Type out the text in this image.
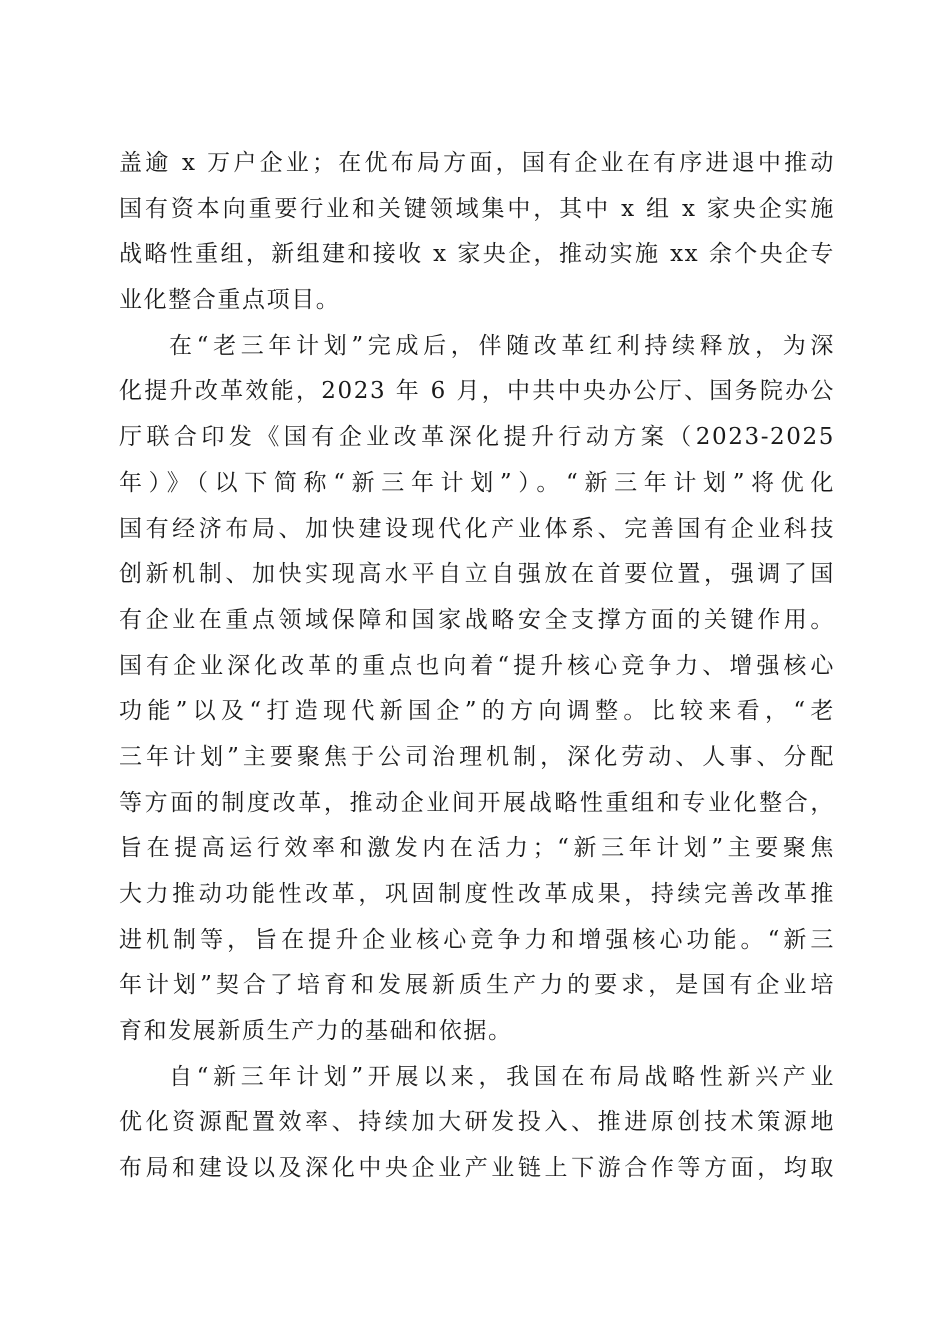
盖逾 x 万户企业；在优布局方面，国有企业在有序进退中推动
国有资本向重要行业和关键领域集中，其中 x 组 x 家央企实施
战略性重组，新组建和接收 x 家央企，推动实施 xx 余个央企专
业化整合重点项目。
在“老三年计划”完成后，伴随改革红利持续释放，为深
化提升改革效能，2023 年 6 月，中共中央办公厅、国务院办公
厅联合印发《国有企业改革深化提升行动方案（2023-2025
年）》（以下简称“新三年计划”）。“新三年计划”将优化
国有经济布局、加快建设现代化产业体系、完善国有企业科技
创新机制、加快实现高水平自立自强放在首要位置，强调了国
有企业在重点领域保障和国家战略安全支撑方面的关键作用。
国有企业深化改革的重点也向着“提升核心竞争力、增强核心
功能”以及“打造现代新国企”的方向调整。比较来看，“老
三年计划”主要聚焦于公司治理机制，深化劳动、人事、分配
等方面的制度改革，推动企业间开展战略性重组和专业化整合，
旨在提高运行效率和激发内在活力；“新三年计划”主要聚焦
大力推动功能性改革，巩固制度性改革成果，持续完善改革推
进机制等，旨在提升企业核心竞争力和增强核心功能。“新三
年计划”契合了培育和发展新质生产力的要求，是国有企业培
育和发展新质生产力的基础和依据。
自“新三年计划”开展以来，我国在布局战略性新兴产业
优化资源配置效率、持续加大研发投入、推进原创技术策源地
布局和建设以及深化中央企业产业链上下游合作等方面，均取
